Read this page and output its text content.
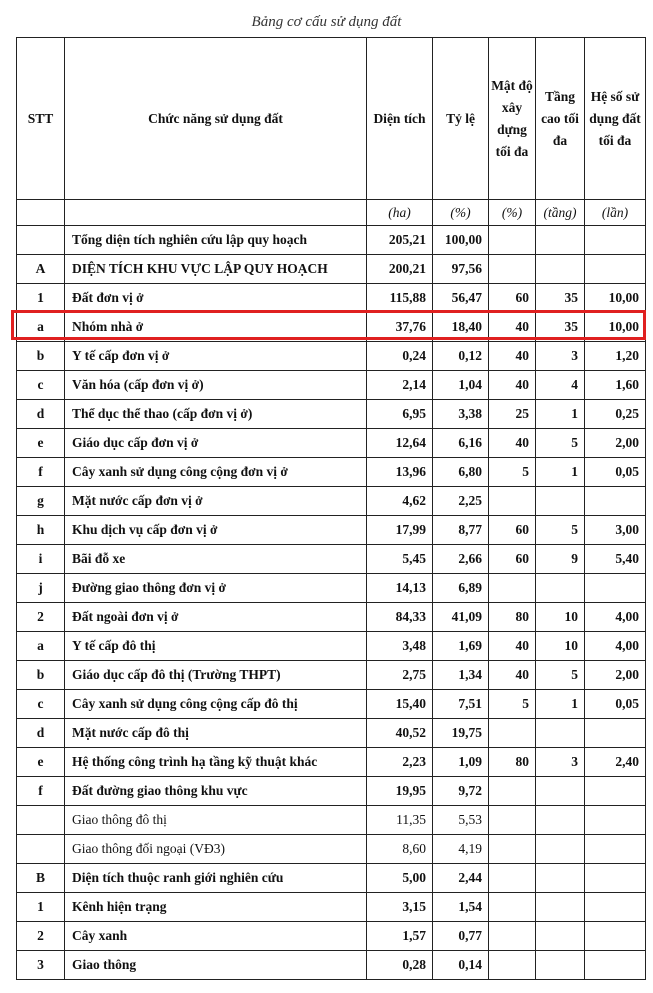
Bảng cơ cấu sử dụng đất
STT	Chức năng sử dụng đất	Diện tích	Tỷ lệ	Mật độ xây dựng tối đa	Tầng cao tối đa	Hệ số sử dụng đất tối đa
		(ha)	(%)	(%)	(tầng)	(lần)
	Tổng diện tích nghiên cứu lập quy hoạch	205,21	100,00			
A	DIỆN TÍCH KHU VỰC LẬP QUY HOẠCH	200,21	97,56			
1	Đất đơn vị ở	115,88	56,47	60	35	10,00
a	Nhóm nhà ở	37,76	18,40	40	35	10,00
b	Y tế cấp đơn vị ở	0,24	0,12	40	3	1,20
c	Văn hóa (cấp đơn vị ở)	2,14	1,04	40	4	1,60
d	Thể dục thể thao (cấp đơn vị ở)	6,95	3,38	25	1	0,25
e	Giáo dục cấp đơn vị ở	12,64	6,16	40	5	2,00
f	Cây xanh sử dụng công cộng đơn vị ở	13,96	6,80	5	1	0,05
g	Mặt nước cấp đơn vị ở	4,62	2,25			
h	Khu dịch vụ cấp đơn vị ở	17,99	8,77	60	5	3,00
i	Bãi đỗ xe	5,45	2,66	60	9	5,40
j	Đường giao thông đơn vị ở	14,13	6,89			
2	Đất ngoài đơn vị ở	84,33	41,09	80	10	4,00
a	Y tế cấp đô thị	3,48	1,69	40	10	4,00
b	Giáo dục cấp đô thị (Trường THPT)	2,75	1,34	40	5	2,00
c	Cây xanh sử dụng công cộng cấp đô thị	15,40	7,51	5	1	0,05
d	Mặt nước cấp đô thị	40,52	19,75			
e	Hệ thống công trình hạ tầng kỹ thuật khác	2,23	1,09	80	3	2,40
f	Đất đường giao thông khu vực	19,95	9,72			
	Giao thông đô thị	11,35	5,53			
	Giao thông đối ngoại (VĐ3)	8,60	4,19			
B	Diện tích thuộc ranh giới nghiên cứu	5,00	2,44			
1	Kênh hiện trạng	3,15	1,54			
2	Cây xanh	1,57	0,77			
3	Giao thông	0,28	0,14			
